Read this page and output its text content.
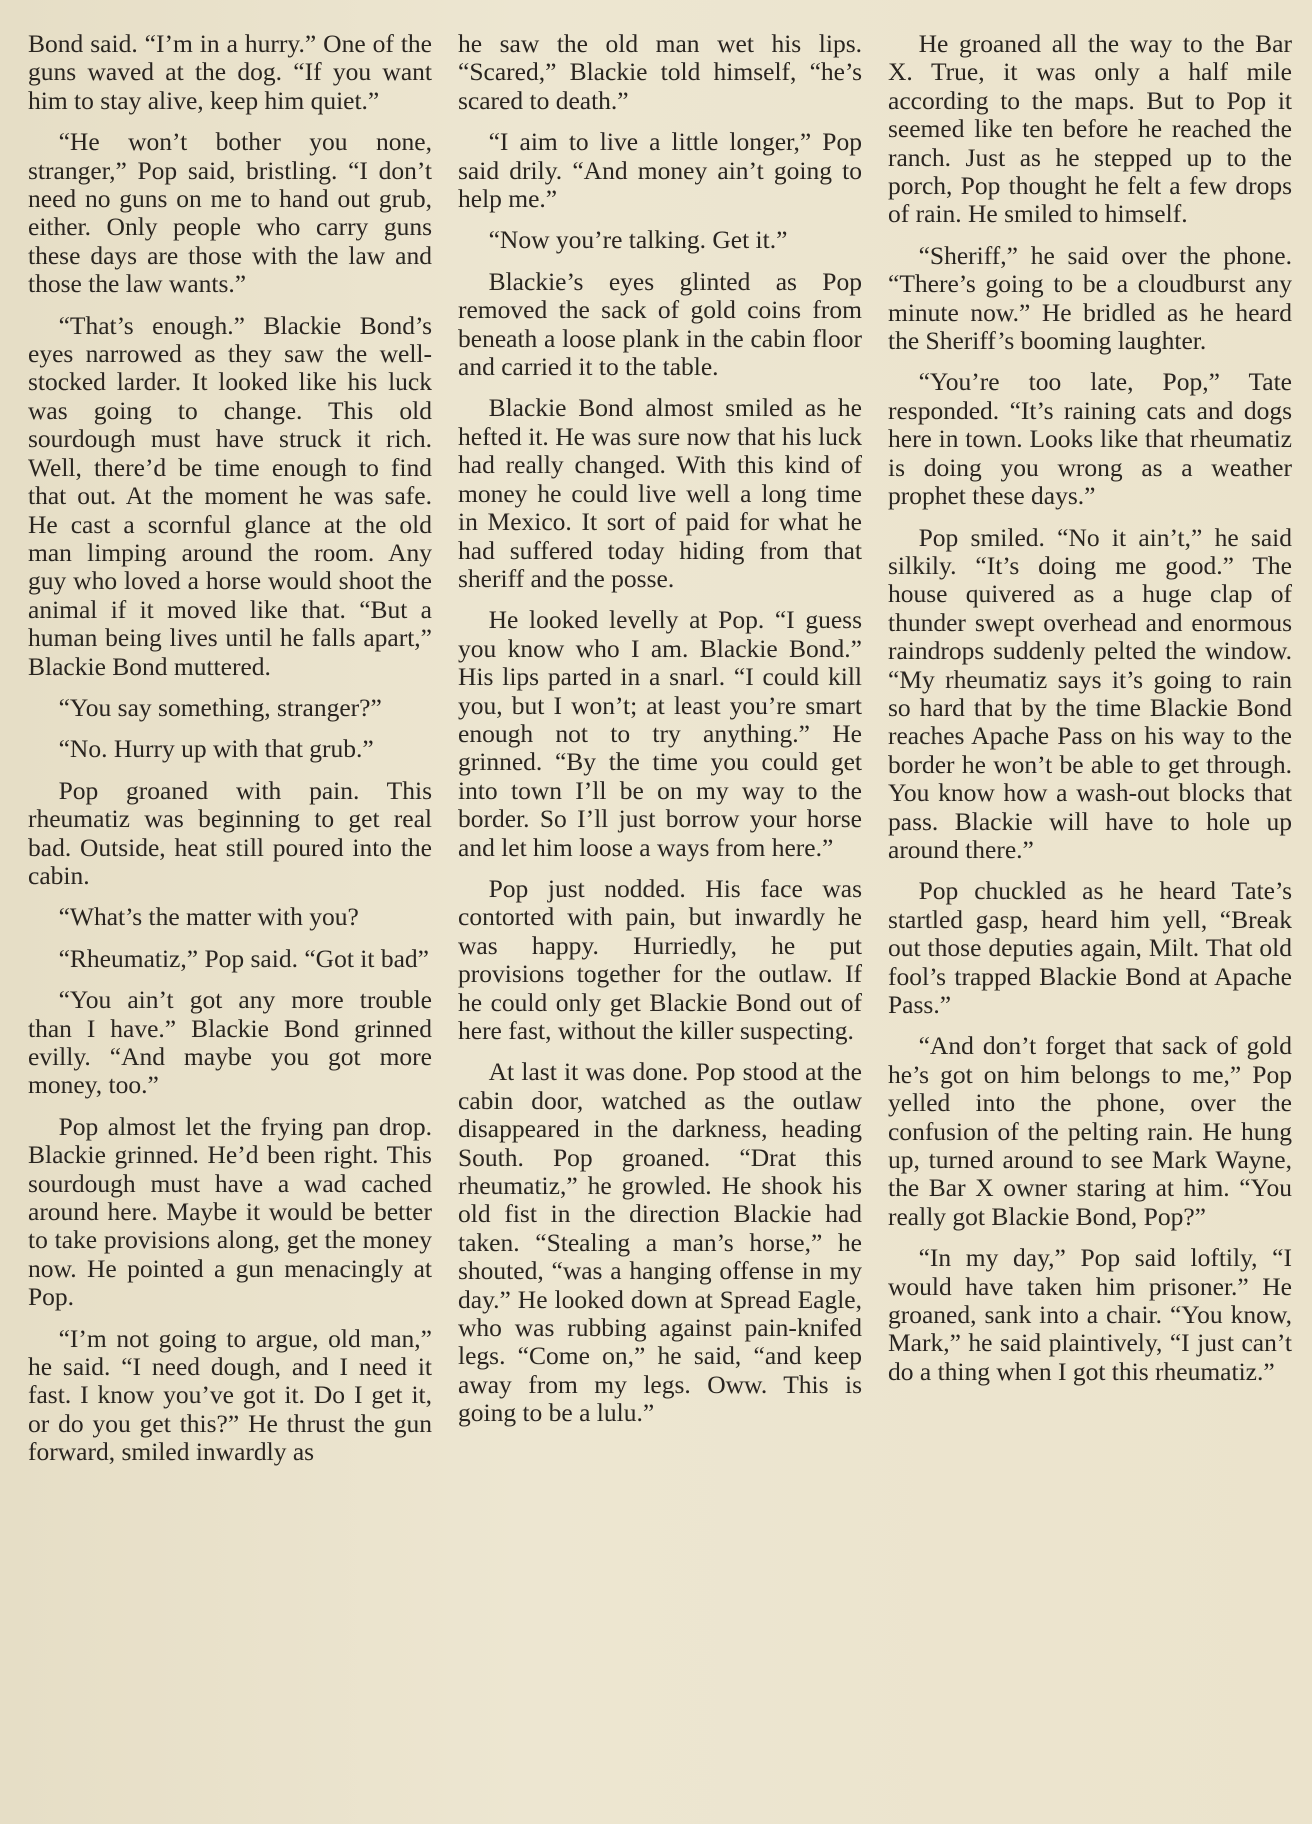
Bond said. “I’m in a hurry.” One of the guns waved at the dog. “If you want him to stay alive, keep him quiet.”

“He won’t bother you none, stranger,” Pop said, bristling. “I don’t need no guns on me to hand out grub, either. Only people who carry guns these days are those with the law and those the law wants.”

“That’s enough.” Blackie Bond’s eyes narrowed as they saw the well-stocked larder. It looked like his luck was going to change. This old sourdough must have struck it rich. Well, there’d be time enough to find that out. At the moment he was safe. He cast a scornful glance at the old man limping around the room. Any guy who loved a horse would shoot the animal if it moved like that. “But a human being lives until he falls apart,” Blackie Bond muttered.

“You say something, stranger?”

“No. Hurry up with that grub.”

Pop groaned with pain. This rheumatiz was beginning to get real bad. Outside, heat still poured into the cabin.

“What’s the matter with you?

“Rheumatiz,” Pop said. “Got it bad”

“You ain’t got any more trouble than I have.” Blackie Bond grinned evilly. “And maybe you got more money, too.”

Pop almost let the frying pan drop. Blackie grinned. He’d been right. This sourdough must have a wad cached around here. Maybe it would be better to take provisions along, get the money now. He pointed a gun menacingly at Pop.

“I’m not going to argue, old man,” he said. “I need dough, and I need it fast. I know you’ve got it. Do I get it, or do you get this?” He thrust the gun forward, smiled inwardly as

he saw the old man wet his lips. “Scared,” Blackie told himself, “he’s scared to death.”

“I aim to live a little longer,” Pop said drily. “And money ain’t going to help me.”

“Now you’re talking. Get it.”

Blackie’s eyes glinted as Pop removed the sack of gold coins from beneath a loose plank in the cabin floor and carried it to the table.

Blackie Bond almost smiled as he hefted it. He was sure now that his luck had really changed. With this kind of money he could live well a long time in Mexico. It sort of paid for what he had suffered today hiding from that sheriff and the posse.

He looked levelly at Pop. “I guess you know who I am. Blackie Bond.” His lips parted in a snarl. “I could kill you, but I won’t; at least you’re smart enough not to try anything.” He grinned. “By the time you could get into town I’ll be on my way to the border. So I’ll just borrow your horse and let him loose a ways from here.”

Pop just nodded. His face was contorted with pain, but inwardly he was happy. Hurriedly, he put provisions together for the outlaw. If he could only get Blackie Bond out of here fast, without the killer suspecting.

At last it was done. Pop stood at the cabin door, watched as the outlaw disappeared in the darkness, heading South. Pop groaned. “Drat this rheumatiz,” he growled. He shook his old fist in the direction Blackie had taken. “Stealing a man’s horse,” he shouted, “was a hanging offense in my day.” He looked down at Spread Eagle, who was rubbing against pain-knifed legs. “Come on,” he said, “and keep away from my legs. Oww. This is going to be a lulu.”

He groaned all the way to the Bar X. True, it was only a half mile according to the maps. But to Pop it seemed like ten before he reached the ranch. Just as he stepped up to the porch, Pop thought he felt a few drops of rain. He smiled to himself.

“Sheriff,” he said over the phone. “There’s going to be a cloudburst any minute now.” He bridled as he heard the Sheriff’s booming laughter.

“You’re too late, Pop,” Tate responded. “It’s raining cats and dogs here in town. Looks like that rheumatiz is doing you wrong as a weather prophet these days.”

Pop smiled. “No it ain’t,” he said silkily. “It’s doing me good.” The house quivered as a huge clap of thunder swept overhead and enormous raindrops suddenly pelted the window. “My rheumatiz says it’s going to rain so hard that by the time Blackie Bond reaches Apache Pass on his way to the border he won’t be able to get through. You know how a wash-out blocks that pass. Blackie will have to hole up around there.”

Pop chuckled as he heard Tate’s startled gasp, heard him yell, “Break out those deputies again, Milt. That old fool’s trapped Blackie Bond at Apache Pass.”

“And don’t forget that sack of gold he’s got on him belongs to me,” Pop yelled into the phone, over the confusion of the pelting rain. He hung up, turned around to see Mark Wayne, the Bar X owner staring at him. “You really got Blackie Bond, Pop?”

“In my day,” Pop said loftily, “I would have taken him prisoner.” He groaned, sank into a chair. “You know, Mark,” he said plaintively, “I just can’t do a thing when I got this rheumatiz.”
